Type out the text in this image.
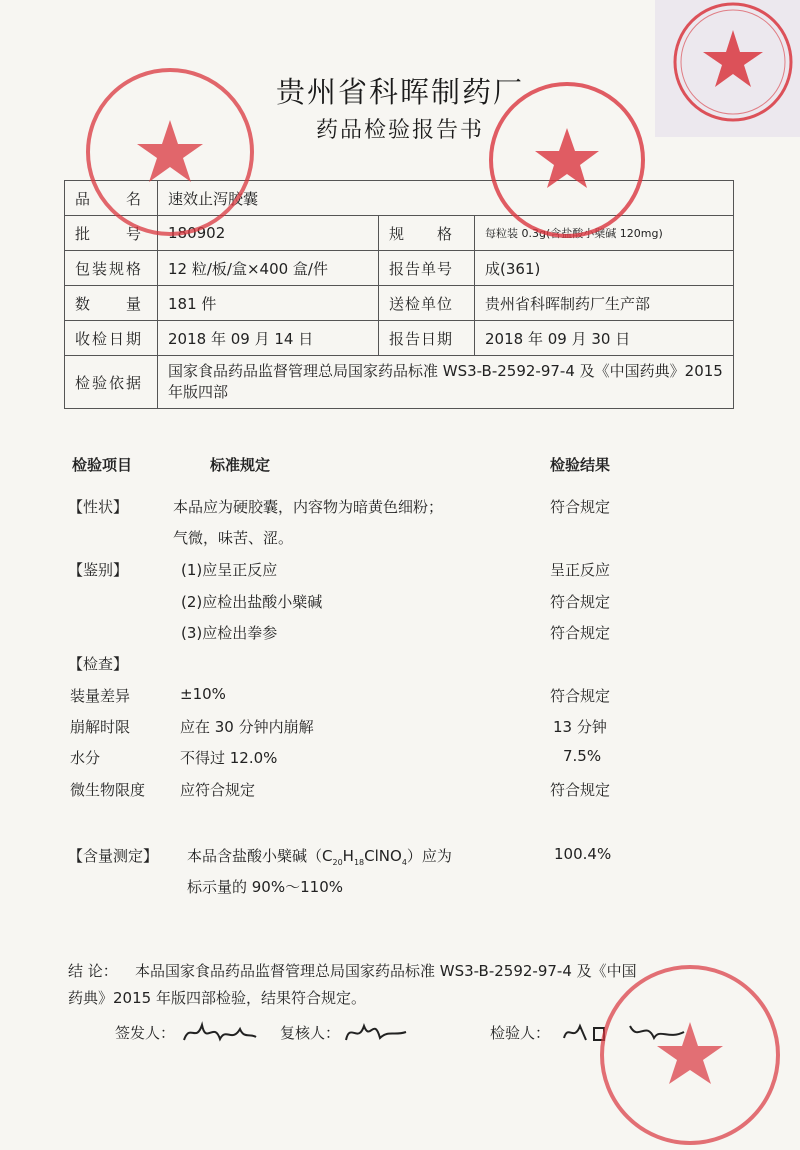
贵州省科晖制药厂
药品检验报告书
品　　名	速效止泻胶囊		
批　　号	180902	规　　格	每粒装 0.3g(含盐酸小檗碱 120mg)
包装规格	12 粒/板/盒×400 盒/件	报告单号	成(361)
数　　量	181 件	送检单位	贵州省科晖制药厂生产部
收检日期	2018 年 09 月 14 日	报告日期	2018 年 09 月 30 日
检验依据	国家食品药品监督管理总局国家药品标准 WS3-B-2592-97-4 及《中国药典》2015 年版四部		
检验项目	标准规定	检验结果
【性状】	本品应为硬胶囊，内容物为暗黄色细粉；	符合规定
气微，味苦、涩。
【鉴别】	(1)应呈正反应	呈正反应
(2)应检出盐酸小檗碱	符合规定
(3)应检出拳参	符合规定
【检查】
装量差异	±10%	符合规定
崩解时限	应在 30 分钟内崩解	13 分钟
水分	不得过 12.0%	7.5%
微生物限度 应符合规定	符合规定
【含量测定】 本品含盐酸小檗碱$(C_{20}H_{18}ClNO_4)$应为	100.4%
标示量的 90%～110%
结 论： 本品国家食品药品监督管理总局国家药品标准 WS3-B-2592-97-4 及《中国
药典》2015 年版四部检验，结果符合规定。
签发人：	复核人：	检验人：
